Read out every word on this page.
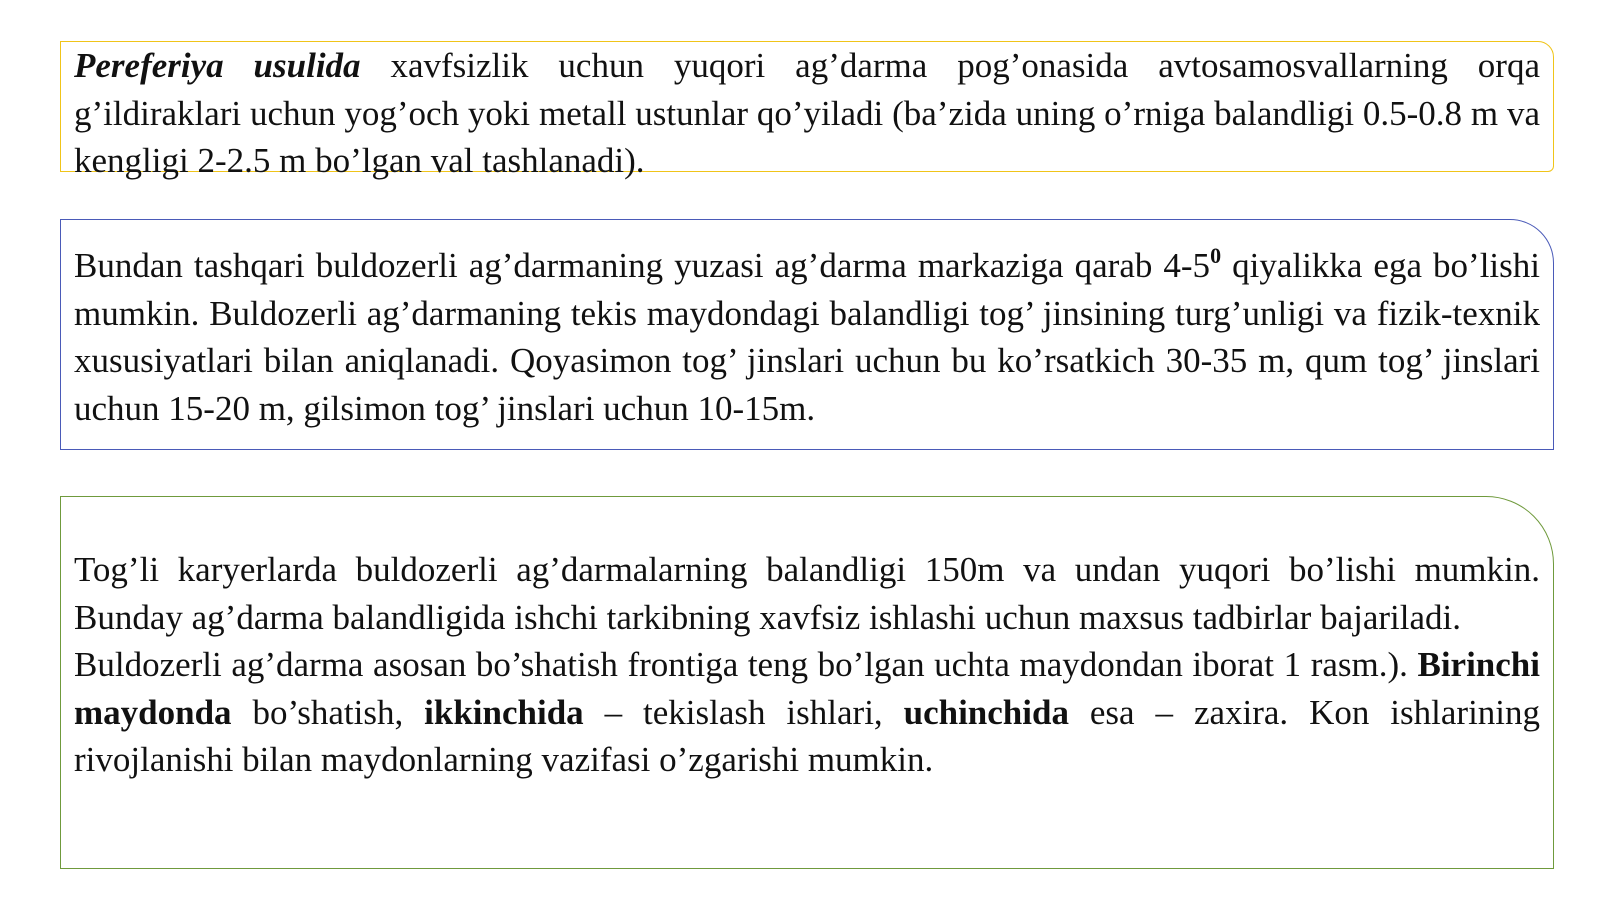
Pereferiya usulida xavfsizlik uchun yuqori ag’darma pog’onasida avtosamosvallarning orqa g’ildiraklari uchun yog’och yoki metall ustunlar qo’yiladi (ba’zida uning o’rniga balandligi 0.5-0.8 m va kengligi 2-2.5 m bo’lgan val tashlanadi).

Bundan tashqari buldozerli ag’darmaning yuzasi ag’darma markaziga qarab $4-5^0$ qiyalikka ega bo’lishi mumkin. Buldozerli ag’darmaning tekis maydondagi balandligi tog’ jinsining turg’unligi va fizik-texnik xususiyatlari bilan aniqlanadi. Qoyasimon tog’ jinslari uchun bu ko’rsatkich 30-35 m, qum tog’ jinslari uchun 15-20 m, gilsimon tog’ jinslari uchun 10-15m.

Tog’li karyerlarda buldozerli ag’darmalarning balandligi 150m va undan yuqori bo’lishi mumkin. Bunday ag’darma balandligida ishchi tarkibning xavfsiz ishlashi uchun maxsus tadbirlar bajariladi.
Buldozerli ag’darma asosan bo’shatish frontiga teng bo’lgan uchta maydondan iborat 1 rasm.). Birinchi maydonda bo’shatish, ikkinchida – tekislash ishlari, uchinchida esa – zaxira. Kon ishlarining rivojlanishi bilan maydonlarning vazifasi o’zgarishi mumkin.
